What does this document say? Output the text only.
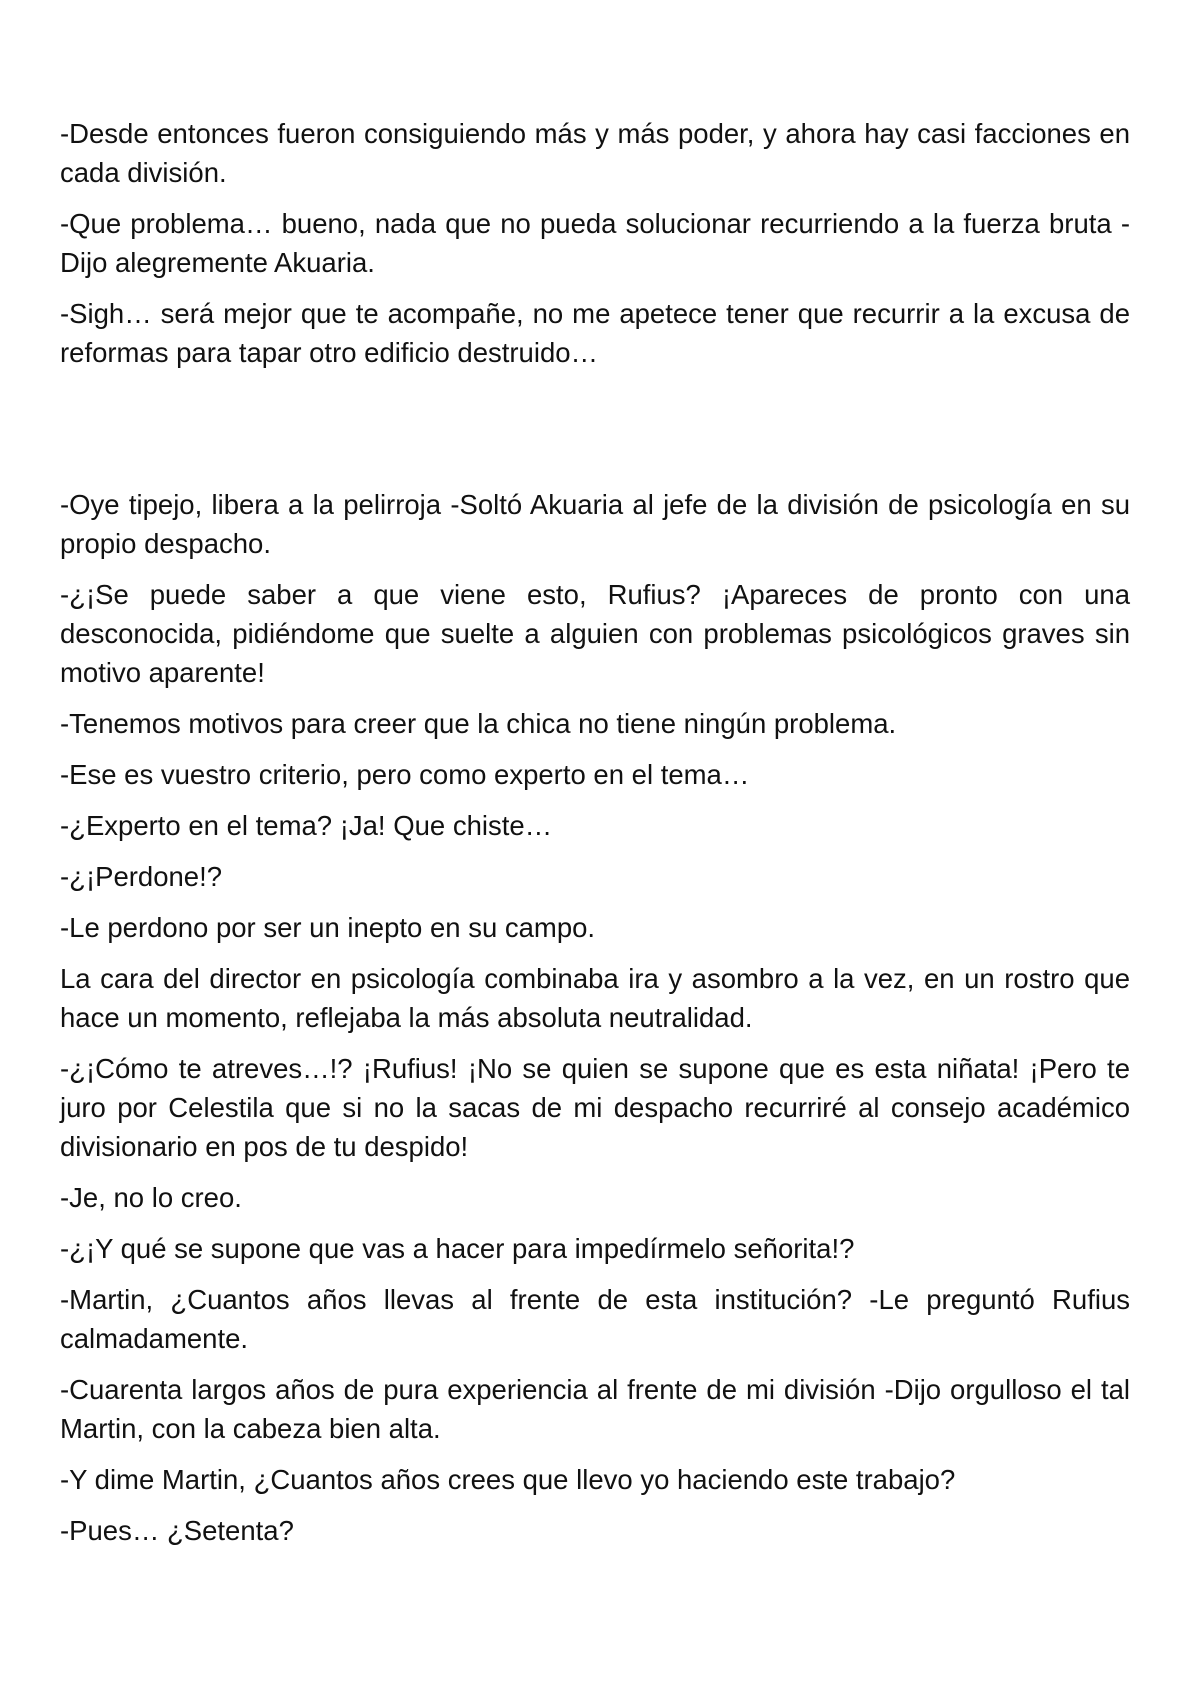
-Desde entonces fueron consiguiendo más y más poder, y ahora hay casi facciones en cada división.

-Que problema… bueno, nada que no pueda solucionar recurriendo a la fuerza bruta -Dijo alegremente Akuaria.

-Sigh… será mejor que te acompañe, no me apetece tener que recurrir a la excusa de reformas para tapar otro edificio destruido…

-Oye tipejo, libera a la pelirroja -Soltó Akuaria al jefe de la división de psicología en su propio despacho.

-¿¡Se puede saber a que viene esto, Rufius? ¡Apareces de pronto con una desconocida, pidiéndome que suelte a alguien con problemas psicológicos graves sin motivo aparente!

-Tenemos motivos para creer que la chica no tiene ningún problema.

-Ese es vuestro criterio, pero como experto en el tema…

-¿Experto en el tema? ¡Ja! Que chiste…

-¿¡Perdone!?

-Le perdono por ser un inepto en su campo.

La cara del director en psicología combinaba ira y asombro a la vez, en un rostro que hace un momento, reflejaba la más absoluta neutralidad.

-¿¡Cómo te atreves…!? ¡Rufius! ¡No se quien se supone que es esta niñata! ¡Pero te juro por Celestila que si no la sacas de mi despacho recurriré al consejo académico divisionario en pos de tu despido!

-Je, no lo creo.

-¿¡Y qué se supone que vas a hacer para impedírmelo señorita!?

-Martin, ¿Cuantos años llevas al frente de esta institución? -Le preguntó Rufius calmadamente.

-Cuarenta largos años de pura experiencia al frente de mi división -Dijo orgulloso el tal Martin, con la cabeza bien alta.

-Y dime Martin, ¿Cuantos años crees que llevo yo haciendo este trabajo?

-Pues… ¿Setenta?
